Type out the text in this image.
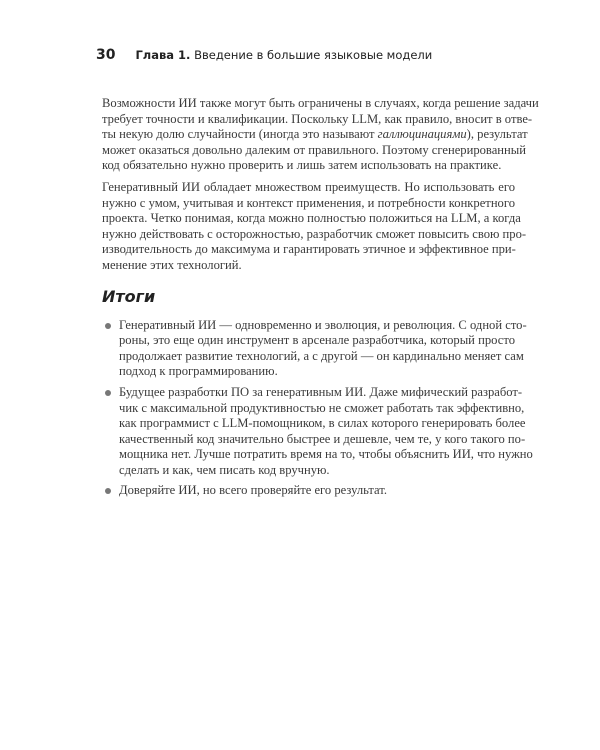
30 Глава 1. Введение в большие языковые модели
Возможности ИИ также могут быть ограничены в случаях, когда решение задачи
требует точности и квалификации. Поскольку LLM, как правило, вносит в отве-
ты некую долю случайности (иногда это называют галлюцинациями), результат
может оказаться довольно далеким от правильного. Поэтому сгенерированный
код обязательно нужно проверить и лишь затем использовать на практике.
Генеративный ИИ обладает множеством преимуществ. Но использовать его
нужно с умом, учитывая и контекст применения, и потребности конкретного
проекта. Четко понимая, когда можно полностью положиться на LLM, а когда
нужно действовать с осторожностью, разработчик сможет повысить свою про-
изводительность до максимума и гарантировать этичное и эффективное при-
менение этих технологий.
Итоги
Генеративный ИИ — одновременно и эволюция, и революция. С одной сто-
роны, это еще один инструмент в арсенале разработчика, который просто
продолжает развитие технологий, а с другой — он кардинально меняет сам
подход к программированию.
Будущее разработки ПО за генеративным ИИ. Даже мифический разработ-
чик с максимальной продуктивностью не сможет работать так эффективно,
как программист с LLM-помощником, в силах которого генерировать более
качественный код значительно быстрее и дешевле, чем те, у кого такого по-
мощника нет. Лучше потратить время на то, чтобы объяснить ИИ, что нужно
сделать и как, чем писать код вручную.
Доверяйте ИИ, но всего проверяйте его результат.
